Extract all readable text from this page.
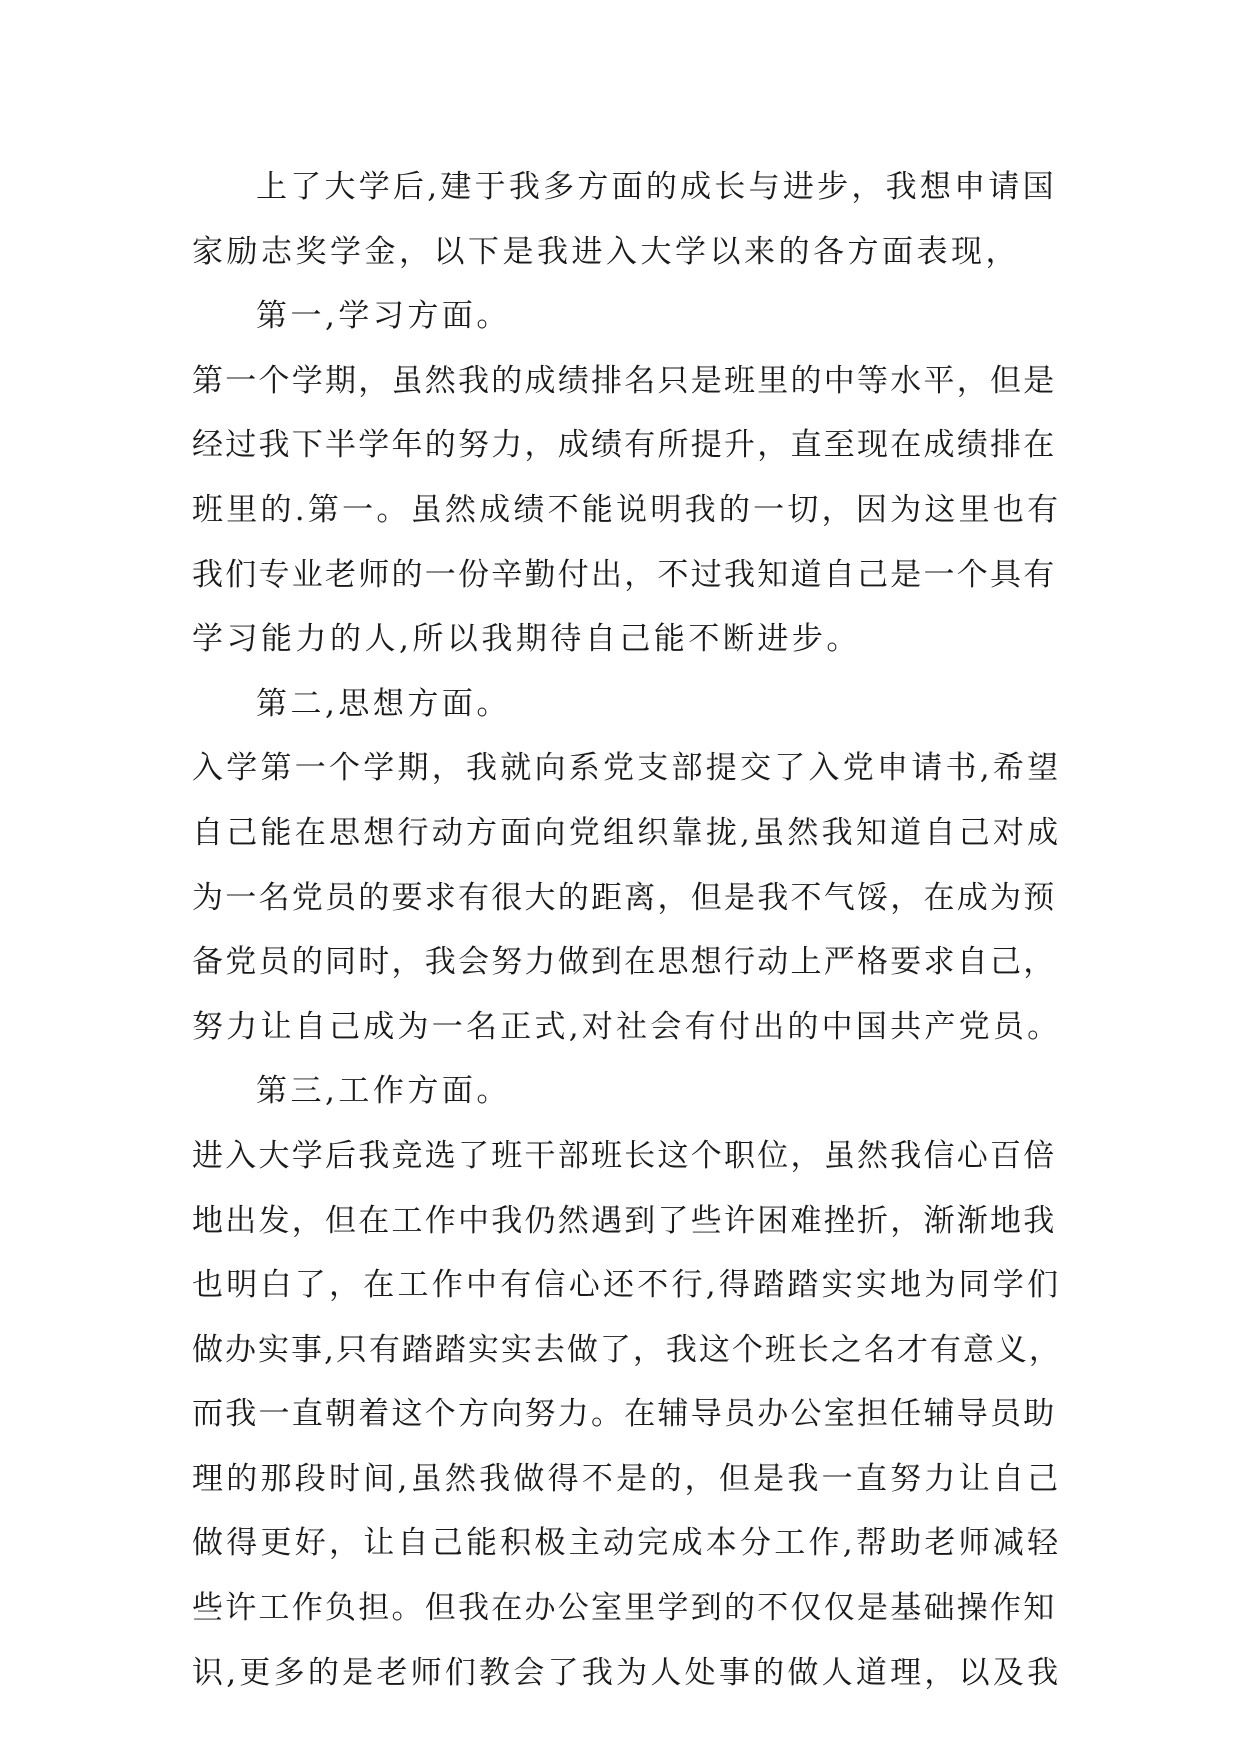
上了大学后,建于我多方面的成长与进步，我想申请国
家励志奖学金，以下是我进入大学以来的各方面表现，
第一,学习方面。
第一个学期，虽然我的成绩排名只是班里的中等水平，但是
经过我下半学年的努力，成绩有所提升，直至现在成绩排在
班里的.第一。虽然成绩不能说明我的一切，因为这里也有
我们专业老师的一份辛勤付出，不过我知道自己是一个具有
学习能力的人,所以我期待自己能不断进步。
第二,思想方面。
入学第一个学期，我就向系党支部提交了入党申请书,希望
自己能在思想行动方面向党组织靠拢,虽然我知道自己对成
为一名党员的要求有很大的距离，但是我不气馁，在成为预
备党员的同时，我会努力做到在思想行动上严格要求自己，
努力让自己成为一名正式,对社会有付出的中国共产党员。
第三,工作方面。
进入大学后我竞选了班干部班长这个职位，虽然我信心百倍
地出发，但在工作中我仍然遇到了些许困难挫折，渐渐地我
也明白了，在工作中有信心还不行,得踏踏实实地为同学们
做办实事,只有踏踏实实去做了，我这个班长之名才有意义，
而我一直朝着这个方向努力。在辅导员办公室担任辅导员助
理的那段时间,虽然我做得不是的，但是我一直努力让自己
做得更好，让自己能积极主动完成本分工作,帮助老师减轻
些许工作负担。但我在办公室里学到的不仅仅是基础操作知
识,更多的是老师们教会了我为人处事的做人道理，以及我
